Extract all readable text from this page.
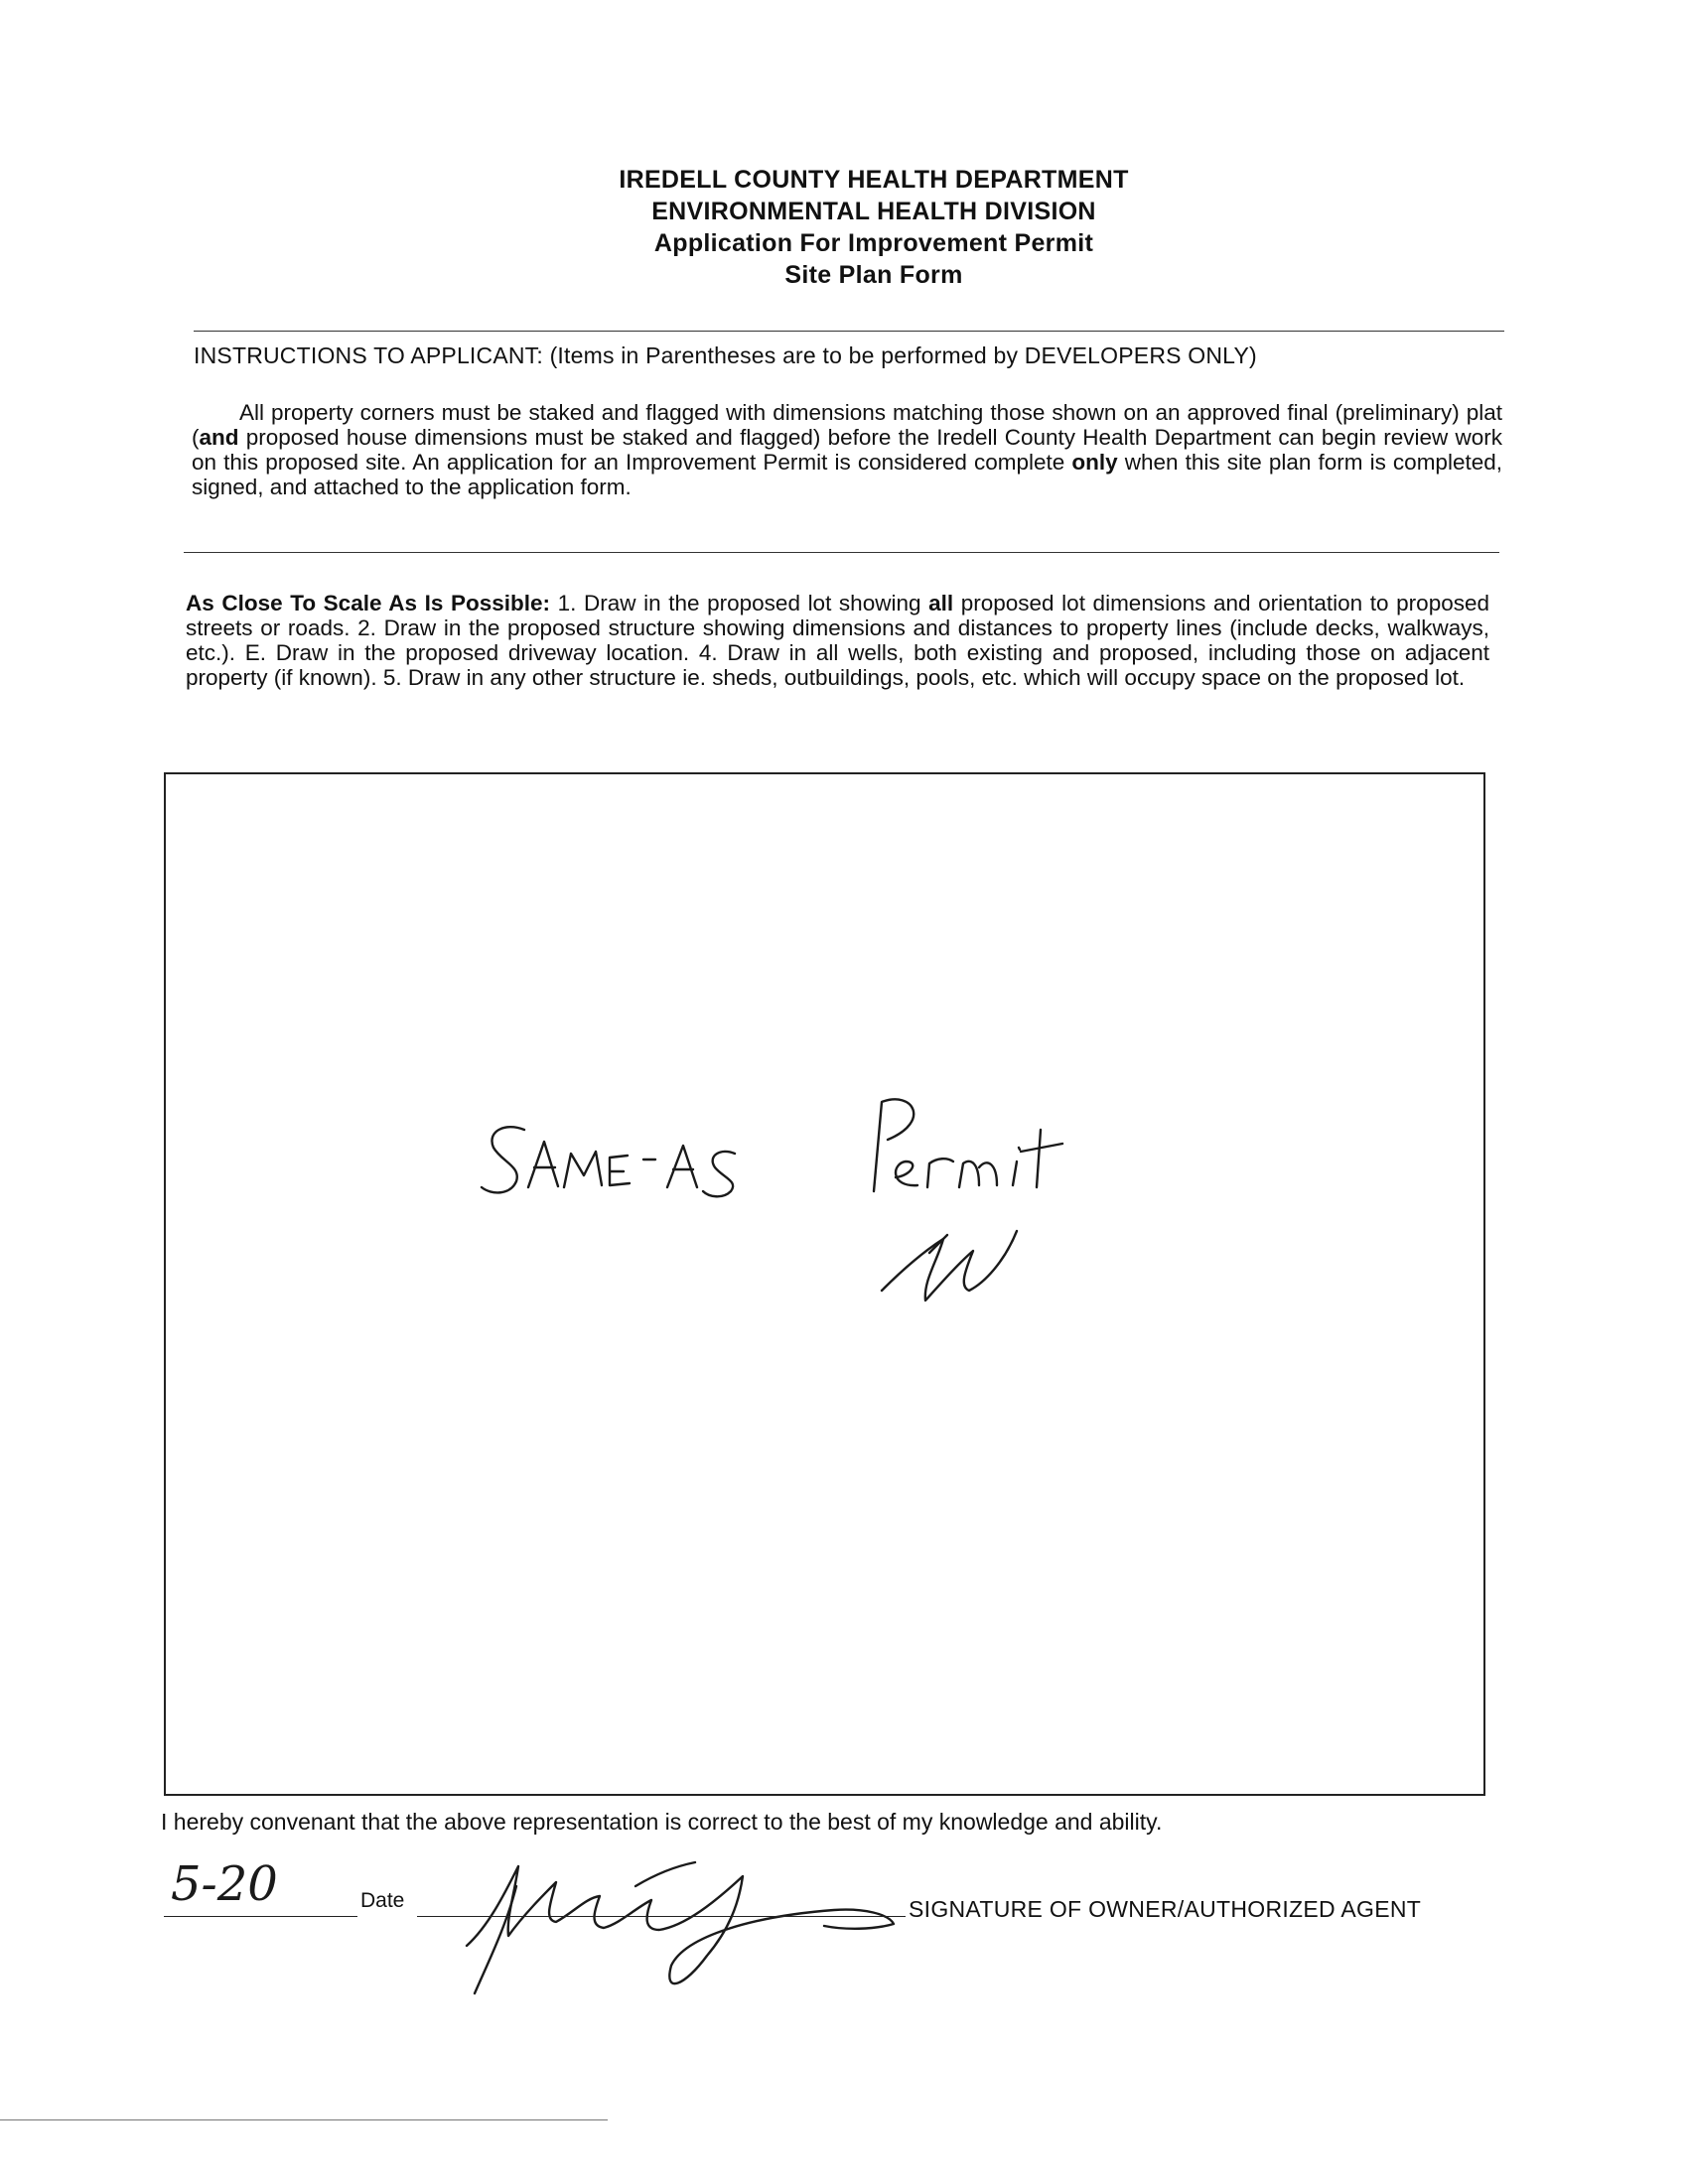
IREDELL COUNTY HEALTH DEPARTMENT
ENVIRONMENTAL HEALTH DIVISION
Application For Improvement Permit
Site Plan Form
INSTRUCTIONS TO APPLICANT: (Items in Parentheses are to be performed by DEVELOPERS ONLY)

All property corners must be staked and flagged with dimensions matching those shown on an approved final (preliminary) plat (and proposed house dimensions must be staked and flagged) before the Iredell County Health Department can begin review work on this proposed site. An application for an Improvement Permit is considered complete only when this site plan form is completed, signed, and attached to the application form.

As Close To Scale As Is Possible: 1. Draw in the proposed lot showing all proposed lot dimensions and orientation to proposed streets or roads. 2. Draw in the proposed structure showing dimensions and distances to property lines (include decks, walkways, etc.). E. Draw in the proposed driveway location. 4. Draw in all wells, both existing and proposed, including those on adjacent property (if known). 5. Draw in any other structure ie. sheds, outbuildings, pools, etc. which will occupy space on the proposed lot.

I hereby convenant that the above representation is correct to the best of my knowledge and ability.
5-20	Date	SIGNATURE OF OWNER/AUTHORIZED AGENT
